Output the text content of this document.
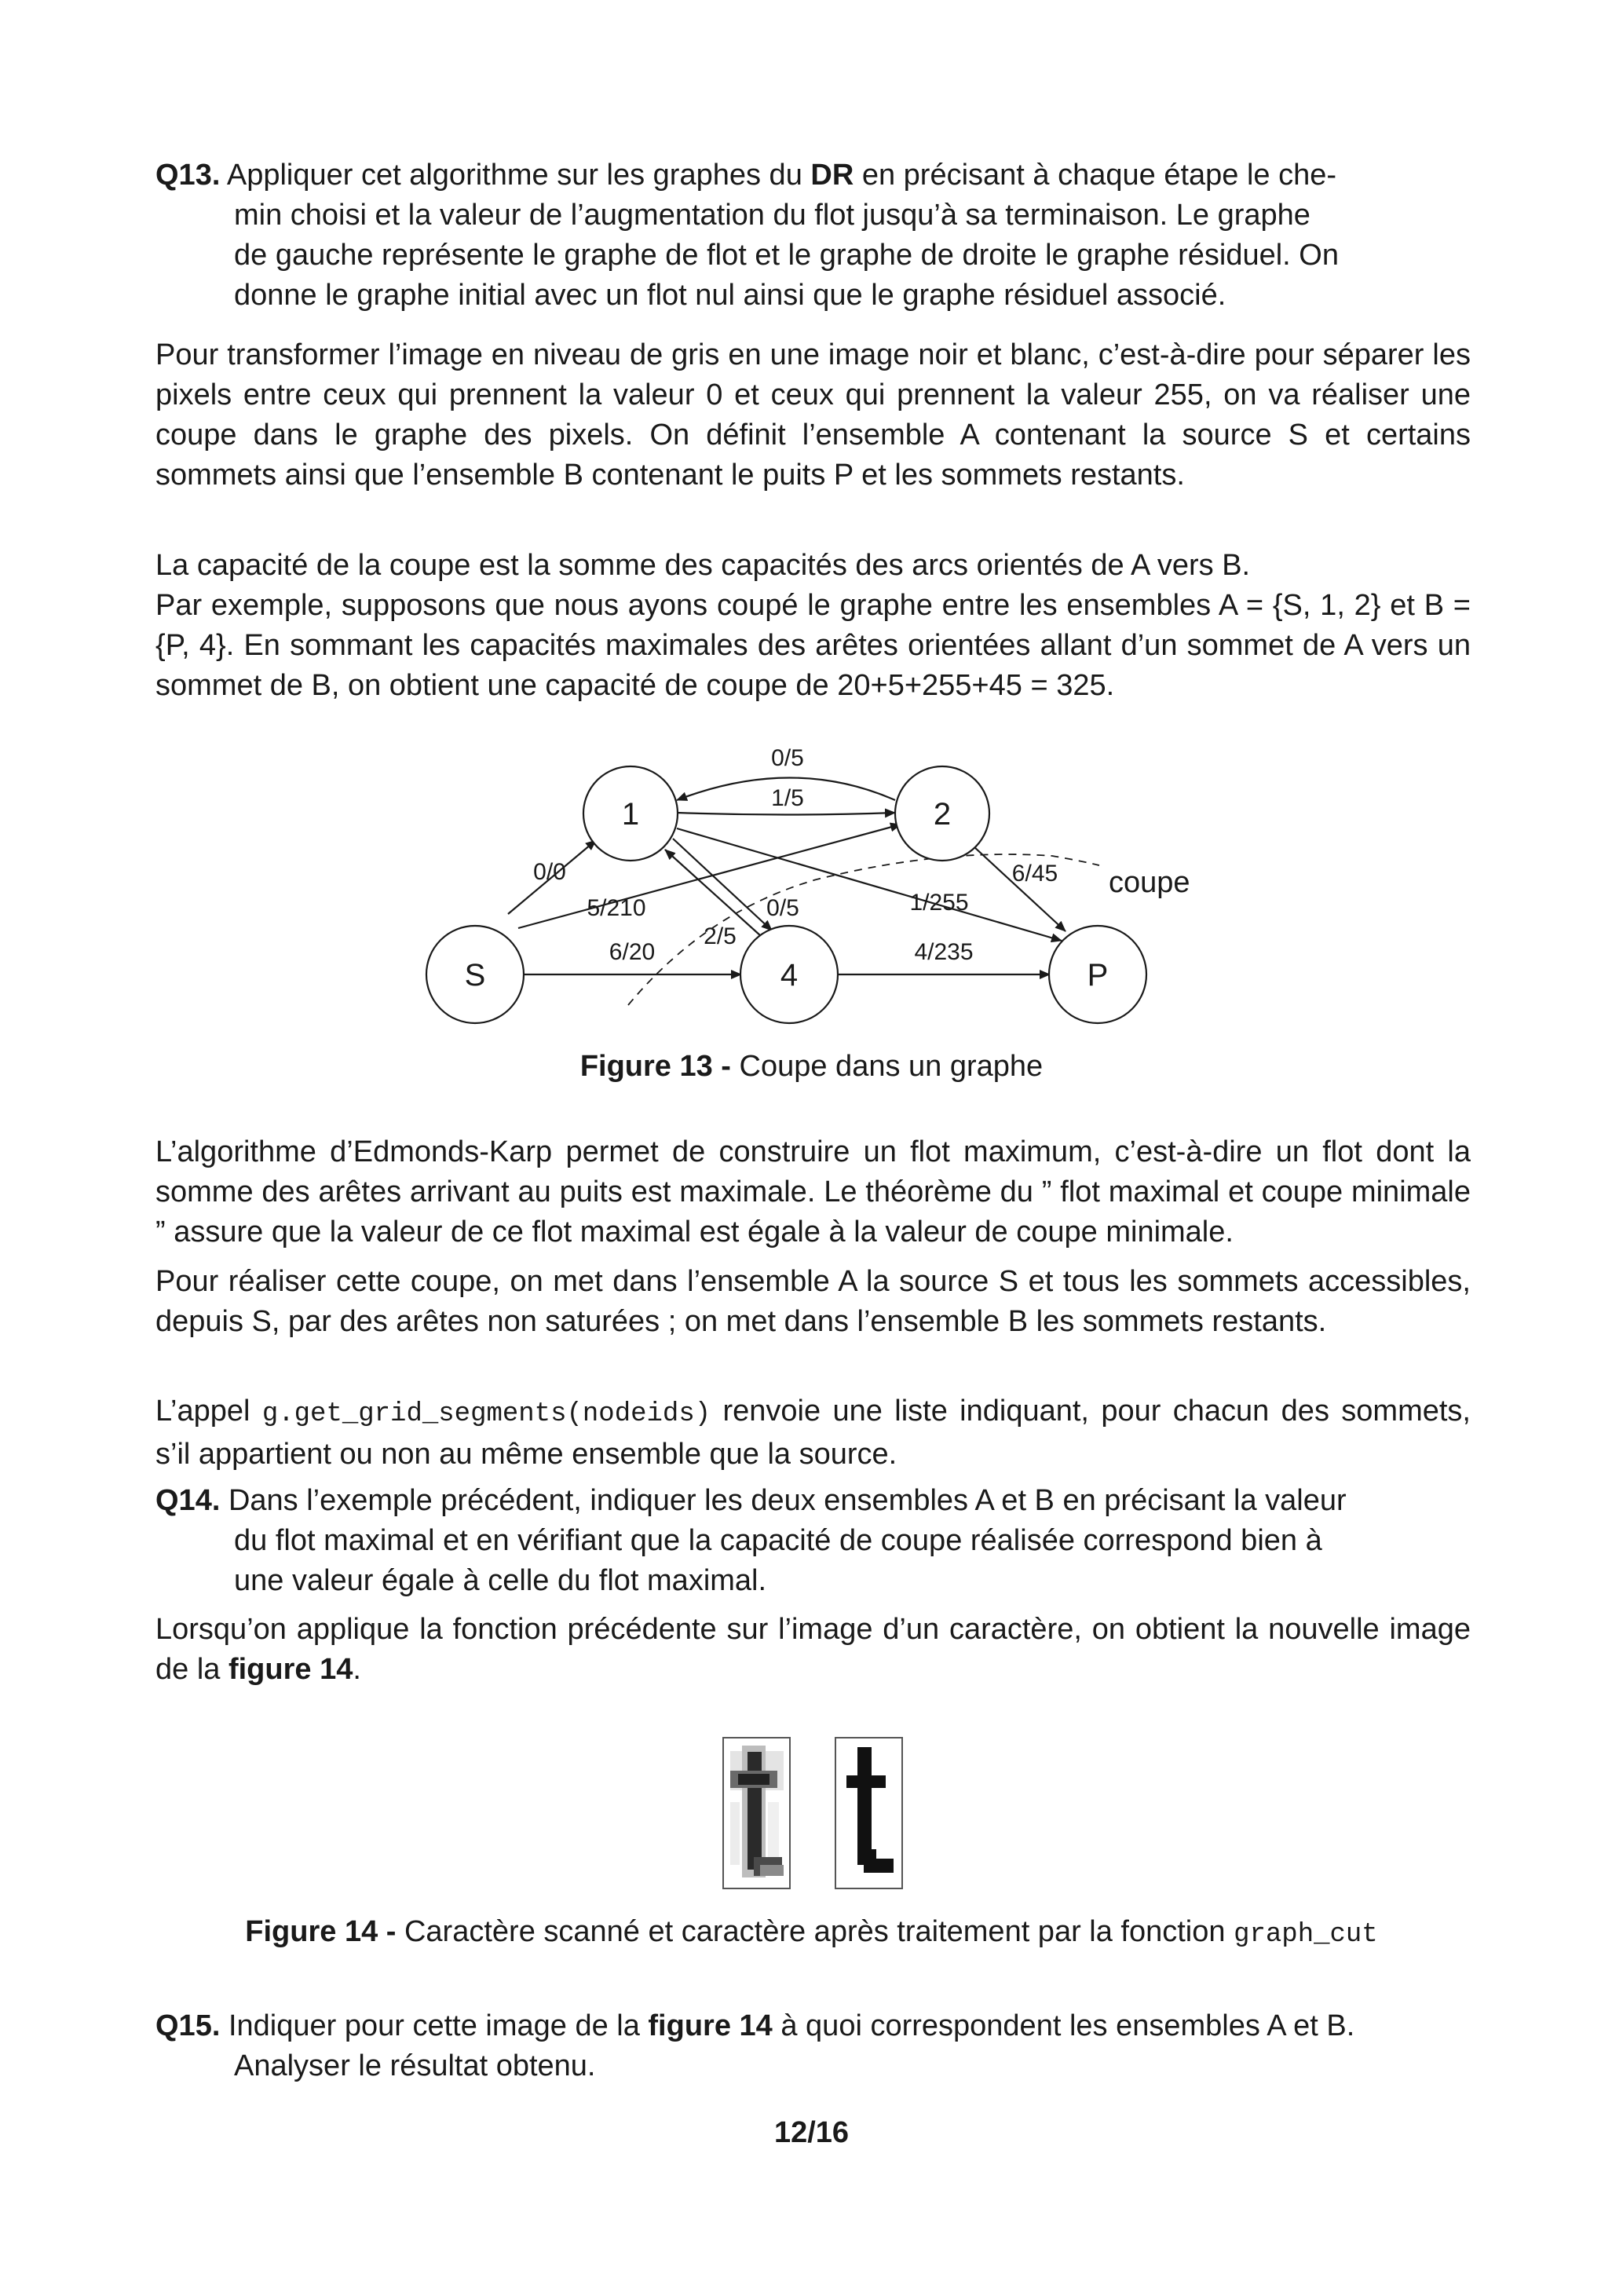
Q13. Appliquer cet algorithme sur les graphes du DR en précisant à chaque étape le che-
min choisi et la valeur de l’augmentation du flot jusqu’à sa terminaison. Le graphe
de gauche représente le graphe de flot et le graphe de droite le graphe résiduel. On
donne le graphe initial avec un flot nul ainsi que le graphe résiduel associé.

Pour transformer l’image en niveau de gris en une image noir et blanc, c’est-à-dire pour séparer les pixels entre ceux qui prennent la valeur 0 et ceux qui prennent la valeur 255, on va réaliser une coupe dans le graphe des pixels. On définit l’ensemble A contenant la source S et certains sommets ainsi que l’ensemble B contenant le puits P et les sommets restants.

La capacité de la coupe est la somme des capacités des arcs orientés de A vers B.

Par exemple, supposons que nous ayons coupé le graphe entre les ensembles A = {S, 1, 2} et B = {P, 4}. En sommant les capacités maximales des arêtes orientées allant d’un sommet de A vers un sommet de B, on obtient une capacité de coupe de 20+5+255+45 = 325.

1	2
S	4	P
0/5
1/5
0/0
5/210
6/20
2/5
0/5	1/255
6/45
4/235
coupe
Figure 13 - Coupe dans un graphe

L’algorithme d’Edmonds-Karp permet de construire un flot maximum, c’est-à-dire un flot dont la somme des arêtes arrivant au puits est maximale. Le théorème du ” flot maximal et coupe minimale ” assure que la valeur de ce flot maximal est égale à la valeur de coupe minimale.

Pour réaliser cette coupe, on met dans l’ensemble A la source S et tous les sommets accessibles, depuis S, par des arêtes non saturées ; on met dans l’ensemble B les sommets restants.

L’appel g.get_grid_segments(nodeids) renvoie une liste indiquant, pour chacun des sommets, s’il appartient ou non au même ensemble que la source.

Q14. Dans l’exemple précédent, indiquer les deux ensembles A et B en précisant la valeur
du flot maximal et en vérifiant que la capacité de coupe réalisée correspond bien à
une valeur égale à celle du flot maximal.

Lorsqu’on applique la fonction précédente sur l’image d’un caractère, on obtient la nouvelle image de la figure 14.

Figure 14 - Caractère scanné et caractère après traitement par la fonction graph_cut
Q15. Indiquer pour cette image de la figure 14 à quoi correspondent les ensembles A et B.
Analyser le résultat obtenu.
12/16
